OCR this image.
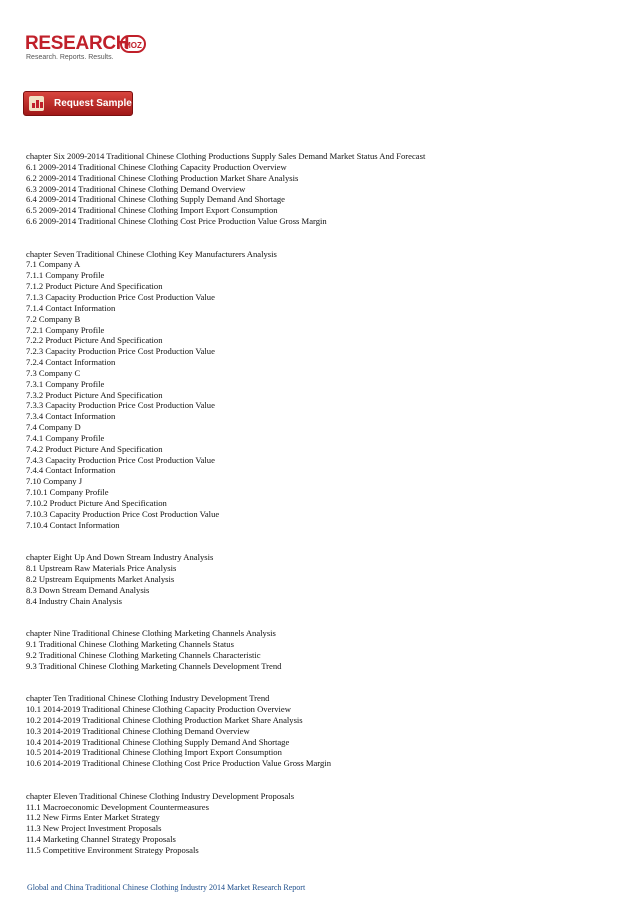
RESEARCH
MOZ
Research. Reports. Results.
Request Sample
chapter Six 2009-2014 Traditional Chinese Clothing Productions Supply Sales Demand Market Status And Forecast
6.1 2009-2014 Traditional Chinese Clothing Capacity Production Overview
6.2 2009-2014 Traditional Chinese Clothing Production Market Share Analysis
6.3 2009-2014 Traditional Chinese Clothing Demand Overview
6.4 2009-2014 Traditional Chinese Clothing Supply Demand And Shortage
6.5 2009-2014 Traditional Chinese Clothing Import Export Consumption
6.6 2009-2014 Traditional Chinese Clothing Cost Price Production Value Gross Margin
chapter Seven Traditional Chinese Clothing Key Manufacturers Analysis
7.1 Company A
7.1.1 Company Profile
7.1.2 Product Picture And Specification
7.1.3 Capacity Production Price Cost Production Value
7.1.4 Contact Information
7.2 Company B
7.2.1 Company Profile
7.2.2 Product Picture And Specification
7.2.3 Capacity Production Price Cost Production Value
7.2.4 Contact Information
7.3 Company C
7.3.1 Company Profile
7.3.2 Product Picture And Specification
7.3.3 Capacity Production Price Cost Production Value
7.3.4 Contact Information
7.4 Company D
7.4.1 Company Profile
7.4.2 Product Picture And Specification
7.4.3 Capacity Production Price Cost Production Value
7.4.4 Contact Information
7.10 Company J
7.10.1 Company Profile
7.10.2 Product Picture And Specification
7.10.3 Capacity Production Price Cost Production Value
7.10.4 Contact Information
chapter Eight Up And Down Stream Industry Analysis
8.1 Upstream Raw Materials Price Analysis
8.2 Upstream Equipments Market Analysis
8.3 Down Stream Demand Analysis
8.4 Industry Chain Analysis
chapter Nine Traditional Chinese Clothing Marketing Channels Analysis
9.1 Traditional Chinese Clothing Marketing Channels Status
9.2 Traditional Chinese Clothing Marketing Channels Characteristic
9.3 Traditional Chinese Clothing Marketing Channels Development Trend
chapter Ten Traditional Chinese Clothing Industry Development Trend
10.1 2014-2019 Traditional Chinese Clothing Capacity Production Overview
10.2 2014-2019 Traditional Chinese Clothing Production Market Share Analysis
10.3 2014-2019 Traditional Chinese Clothing Demand Overview
10.4 2014-2019 Traditional Chinese Clothing Supply Demand And Shortage
10.5 2014-2019 Traditional Chinese Clothing Import Export Consumption
10.6 2014-2019 Traditional Chinese Clothing Cost Price Production Value Gross Margin
chapter Eleven Traditional Chinese Clothing Industry Development Proposals
11.1 Macroeconomic Development Countermeasures
11.2 New Firms Enter Market Strategy
11.3 New Project Investment Proposals
11.4 Marketing Channel Strategy Proposals
11.5 Competitive Environment Strategy Proposals
Global and China Traditional Chinese Clothing Industry 2014 Market Research Report
